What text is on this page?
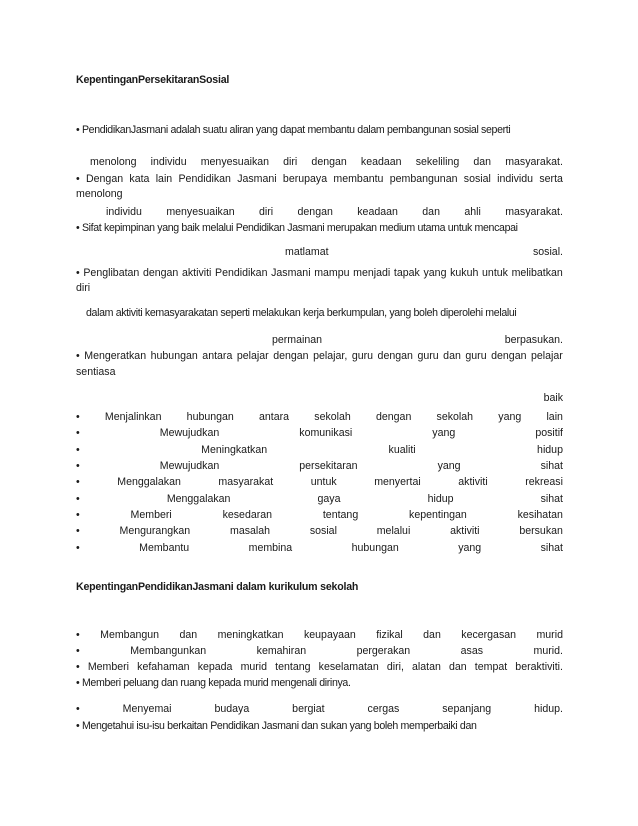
KepentinganPersekitaranSosial
• PendidikanJasmani adalah suatu aliran yang dapat membantu dalam pembangunan sosial seperti
menolong individu menyesuaikan diri dengan keadaan sekeliling dan masyarakat.
• Dengan kata lain Pendidikan Jasmani berupaya membantu pembangunan sosial individu serta
menolong
individu menyesuaikan diri dengan keadaan dan ahli masyarakat.
• Sifat kepimpinan yang baik melalui Pendidikan Jasmani merupakan medium utama untuk mencapai
matlamat	sosial.
• Penglibatan dengan aktiviti Pendidikan Jasmani mampu menjadi tapak yang kukuh untuk melibatkan
diri
dalam aktiviti kemasyarakatan seperti melakukan kerja berkumpulan, yang boleh diperolehi melalui
permainan	berpasukan.
• Mengeratkan hubungan antara pelajar dengan pelajar, guru dengan guru dan guru dengan pelajar
sentiasa
baik
• Menjalinkan hubungan antara sekolah dengan sekolah yang lain
•	Mewujudkan	komunikasi	yang	positif
•	Meningkatkan	kualiti	hidup
•	Mewujudkan	persekitaran	yang	sihat
•	Menggalakan	masyarakat	untuk	menyertai	aktiviti	rekreasi
•	Menggalakan	gaya	hidup	sihat
•	Memberi	kesedaran	tentang	kepentingan	kesihatan
•	Mengurangkan	masalah	sosial	melalui	aktiviti	bersukan
•	Membantu	membina	hubungan	yang	sihat
KepentinganPendidikanJasmani dalam kurikulum sekolah
• Membangun dan meningkatkan keupayaan fizikal dan kecergasan murid
•	Membangunkan	kemahiran	pergerakan	asas	murid.
• Memberi kefahaman kepada murid tentang keselamatan diri, alatan dan tempat beraktiviti.
• Memberi peluang dan ruang kepada murid mengenali dirinya.
•	Menyemai	budaya	bergiat	cergas	sepanjang	hidup.
• Mengetahui isu-isu berkaitan Pendidikan Jasmani dan sukan yang boleh memperbaiki dan
